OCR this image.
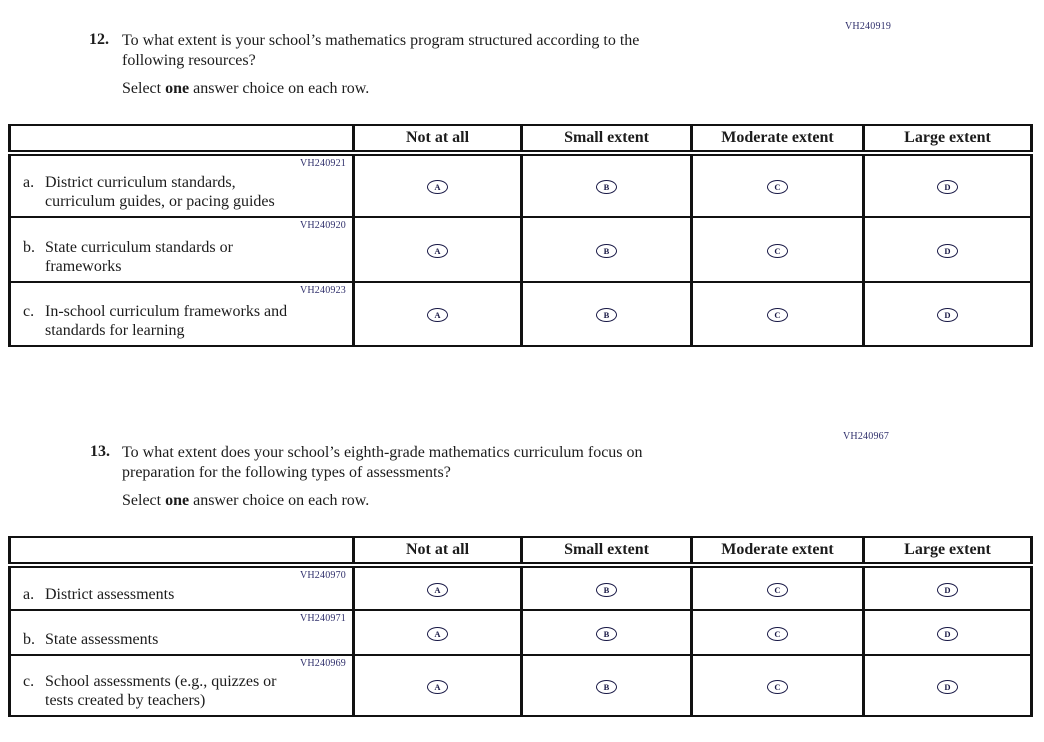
VH240919
12. To what extent is your school’s mathematics program structured according to the
following resources?
Select one answer choice on each row.
	Not at all	Small extent	Moderate extent	Large extent

VH240921
a. District curriculum standards,
curriculum guides, or pacing guides	A	B	C	D

VH240920
b. State curriculum standards or
frameworks	A	B	C	D

VH240923
c. In-school curriculum frameworks and
standards for learning	A	B	C	D
VH240967
13. To what extent does your school’s eighth-grade mathematics curriculum focus on
preparation for the following types of assessments?
Select one answer choice on each row.
	Not at all	Small extent	Moderate extent	Large extent

VH240970
a. District assessments	A	B	C	D

VH240971
b. State assessments	A	B	C	D

VH240969
c. School assessments (e.g., quizzes or
tests created by teachers)	A	B	C	D
